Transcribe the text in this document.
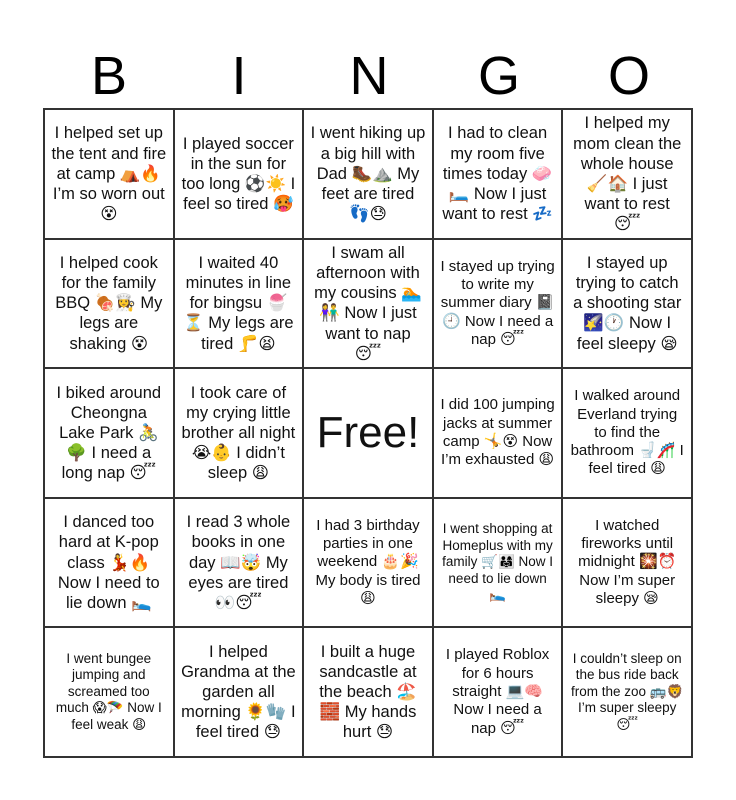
B	I	N	G	O
I helped set up the tent and fire at camp ⛺🔥 I’m so worn out 😵
I played soccer in the sun for too long ⚽☀️ I feel so tired 🥵
I went hiking up a big hill with Dad 🥾⛰️ My feet are tired 👣😓
I had to clean my room five times today 🧼🛏️ Now I just want to rest 💤
I helped my mom clean the whole house 🧹🏠 I just want to rest 😴
I helped cook for the family BBQ 🍖👩‍🍳 My legs are shaking 😵
I waited 40 minutes in line for bingsu 🍧⏳ My legs are tired 🦵😫
I swam all afternoon with my cousins 🏊👫 Now I just want to nap 😴
I stayed up trying to write my summer diary 📓🕘 Now I need a nap 😴
I stayed up trying to catch a shooting star 🌠🕐 Now I feel sleepy 😪
I biked around Cheongna Lake Park 🚴🌳 I need a long nap 😴
I took care of my crying little brother all night 😭👶 I didn’t sleep 😩
Free!
I did 100 jumping jacks at summer camp 🤸😵 Now I’m exhausted 😩
I walked around Everland trying to find the bathroom 🚽🎢 I feel tired 😩
I danced too hard at K-pop class 💃🔥 Now I need to lie down 🛌
I read 3 whole books in one day 📖🤯 My eyes are tired 👀😴
I had 3 birthday parties in one weekend 🎂🎉 My body is tired 😩
I went shopping at Homeplus with my family 🛒👨‍👩‍👧 Now I need to lie down 🛌
I watched fireworks until midnight 🎇⏰ Now I’m super sleepy 😪
I went bungee jumping and screamed too much 😱🪂 Now I feel weak 😩
I helped Grandma at the garden all morning 🌻🧤 I feel tired 😓
I built a huge sandcastle at the beach 🏖️🧱 My hands hurt 😓
I played Roblox for 6 hours straight 💻🧠 Now I need a nap 😴
I couldn’t sleep on the bus ride back from the zoo 🚌🦁 I’m super sleepy 😴
